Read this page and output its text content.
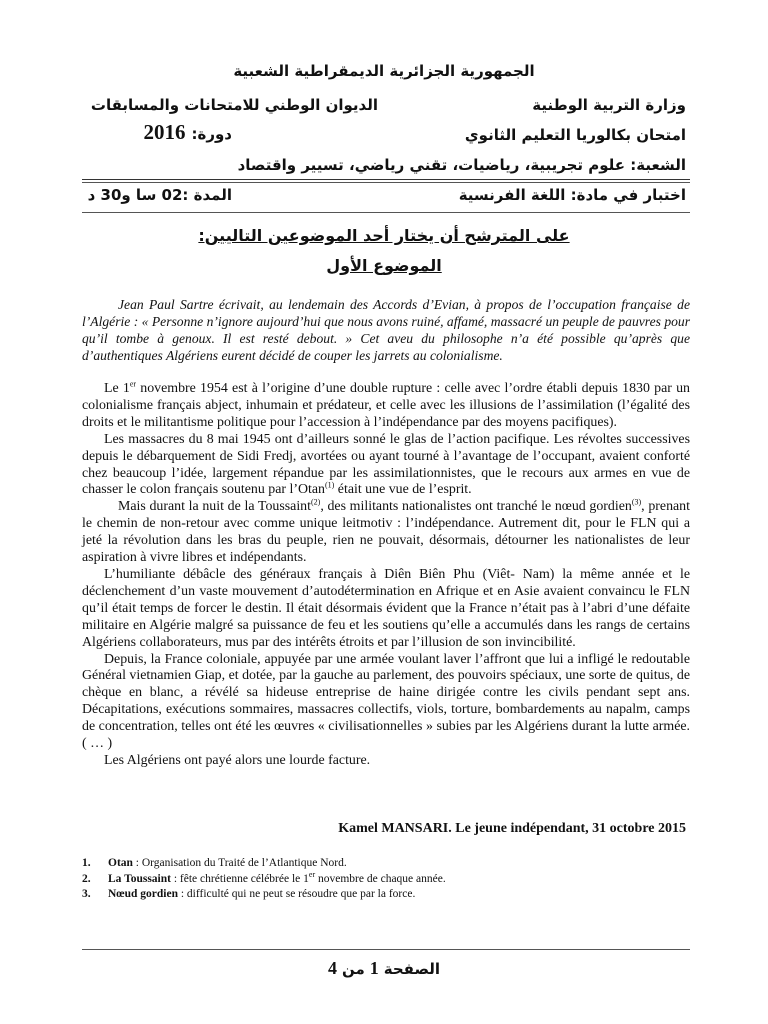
الجمهورية الجزائرية الديمقراطية الشعبية
وزارة التربية الوطنية
الديوان الوطني للامتحانات والمسابقات
امتحان بكالوريا التعليم الثانوي
دورة:
2016
الشعبة: علوم تجريبية، رياضيات، تقني رياضي، تسيير واقتصاد
اختبار في مادة: اللغة الفرنسية
المدة :02 سا و30 د
على المترشح أن يختار أحد الموضوعين التاليين:
الموضوع الأول
Jean Paul Sartre écrivait, au lendemain des Accords d’Evian, à propos de l’occupation française de l’Algérie : « Personne n’ignore aujourd’hui que nous avons ruiné, affamé, massacré un peuple de pauvres pour qu’il tombe à genoux. Il est resté debout. » Cet aveu du philosophe n’a été possible qu’après que d’authentiques Algériens eurent décidé de couper les jarrets au colonialisme.

Le 1er novembre 1954 est à l’origine d’une double rupture : celle avec l’ordre établi depuis 1830 par un colonialisme français abject, inhumain et prédateur, et celle avec les illusions de l’assimilation (l’égalité des droits et le militantisme politique pour l’accession à l’indépendance par des moyens pacifiques).

Les massacres du 8 mai 1945 ont d’ailleurs sonné le glas de l’action pacifique. Les révoltes successives depuis le débarquement de Sidi Fredj, avortées ou ayant tourné à l’avantage de l’occupant, avaient conforté chez beaucoup l’idée, largement répandue par les assimilationnistes, que le recours aux armes en vue de chasser le colon français soutenu par l’Otan$^{(1)}$ était une vue de l’esprit.

Mais durant la nuit de la Toussaint$^{(2)}$, des militants nationalistes ont tranché le nœud gordien$^{(3)}$, prenant le chemin de non-retour avec comme unique leitmotiv : l’indépendance. Autrement dit, pour le FLN qui a jeté la révolution dans les bras du peuple, rien ne pouvait, désormais, détourner les nationalistes de leur aspiration à vivre libres et indépendants.

L’humiliante débâcle des généraux français à Diên Biên Phu (Viêt- Nam) la même année et le déclenchement d’un vaste mouvement d’autodétermination en Afrique et en Asie avaient convaincu le FLN qu’il était temps de forcer le destin. Il était désormais évident que la France n’était pas à l’abri d’une défaite militaire en Algérie malgré sa puissance de feu et les soutiens qu’elle a accumulés dans les rangs de certains Algériens collaborateurs, mus par des intérêts étroits et par l’illusion de son invincibilité.

Depuis, la France coloniale, appuyée par une armée voulant laver l’affront que lui a infligé le redoutable Général vietnamien Giap, et dotée, par la gauche au parlement, des pouvoirs spéciaux, une sorte de quitus, de chèque en blanc, a révélé sa hideuse entreprise de haine dirigée contre les civils pendant sept ans. Décapitations, exécutions sommaires, massacres collectifs, viols, torture, bombardements au napalm, camps de concentration, telles ont été les œuvres « civilisationnelles » subies par les Algériens durant la lutte armée. ( … )

Les Algériens ont payé alors une lourde facture.

Kamel MANSARI. Le jeune indépendant, 31 octobre 2015
1. Otan : Organisation du Traité de l’Atlantique Nord.
2. La Toussaint : fête chrétienne célébrée le 1er novembre de chaque année.
3. Nœud gordien : difficulté qui ne peut se résoudre que par la force.
الصفحة
1
من
4
